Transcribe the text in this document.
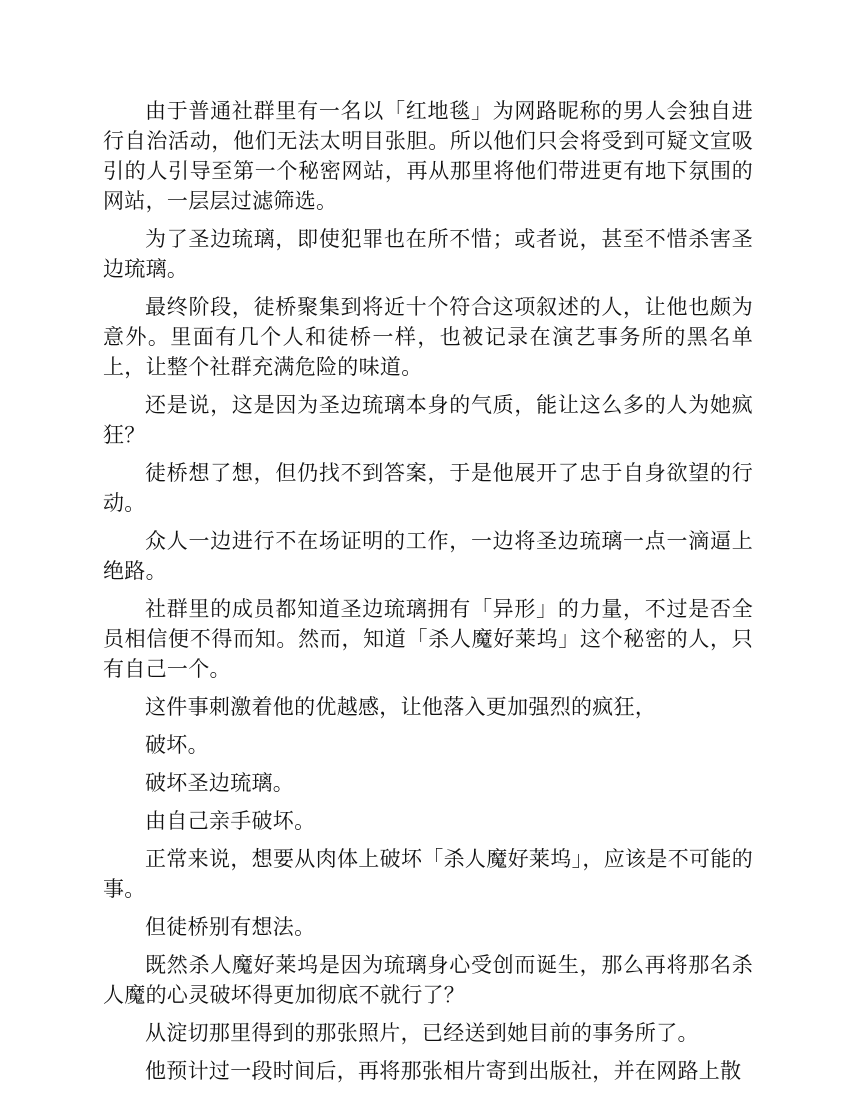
由于普通社群里有一名以「红地毯」为网路昵称的男人会独自进行自治活动，他们无法太明目张胆。所以他们只会将受到可疑文宣吸引的人引导至第一个秘密网站，再从那里将他们带进更有地下氛围的网站，一层层过滤筛选。

为了圣边琉璃，即使犯罪也在所不惜；或者说，甚至不惜杀害圣边琉璃。

最终阶段，徒桥聚集到将近十个符合这项叙述的人，让他也颇为意外。里面有几个人和徒桥一样，也被记录在演艺事务所的黑名单上，让整个社群充满危险的味道。

还是说，这是因为圣边琉璃本身的气质，能让这么多的人为她疯狂？

徒桥想了想，但仍找不到答案，于是他展开了忠于自身欲望的行动。

众人一边进行不在场证明的工作，一边将圣边琉璃一点一滴逼上绝路。

社群里的成员都知道圣边琉璃拥有「异形」的力量，不过是否全员相信便不得而知。然而，知道「杀人魔好莱坞」这个秘密的人，只有自己一个。

这件事刺激着他的优越感，让他落入更加强烈的疯狂，

破坏。

破坏圣边琉璃。

由自己亲手破坏。

正常来说，想要从肉体上破坏「杀人魔好莱坞」，应该是不可能的事。

但徒桥别有想法。

既然杀人魔好莱坞是因为琉璃身心受创而诞生，那么再将那名杀人魔的心灵破坏得更加彻底不就行了？

从淀切那里得到的那张照片，已经送到她目前的事务所了。

他预计过一段时间后，再将那张相片寄到出版社，并在网路上散
